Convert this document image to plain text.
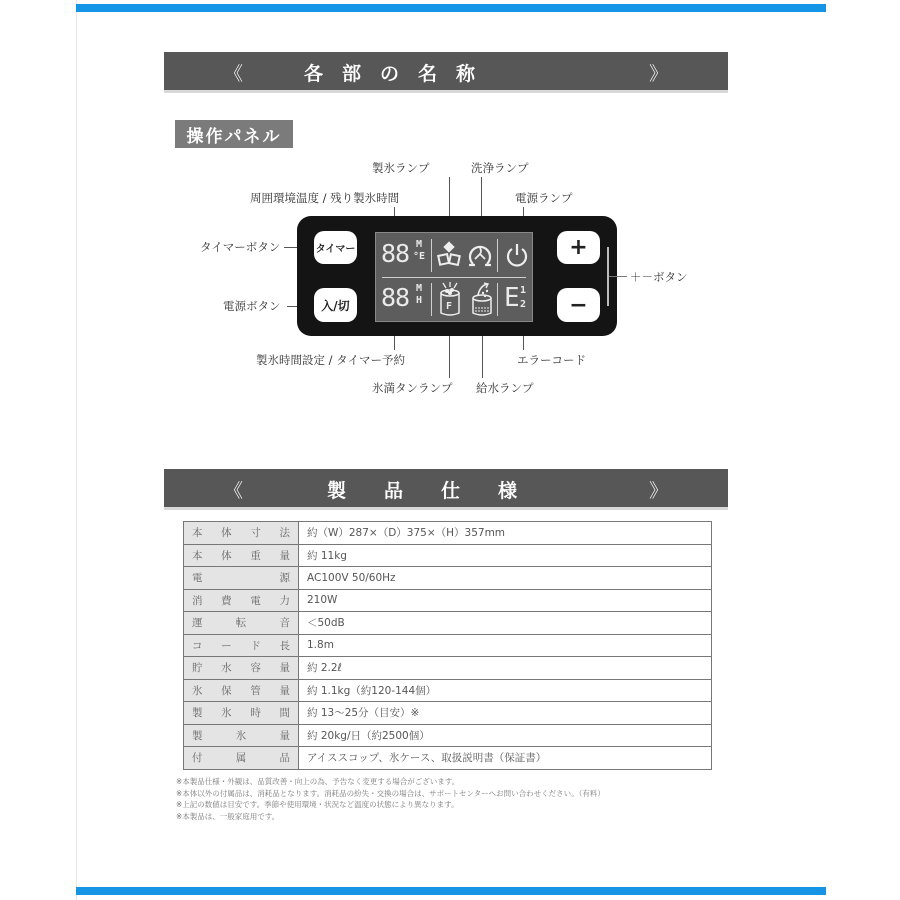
《	各　部　の　名　称	》
操作パネル
製氷ランプ	洗浄ランプ
周囲環境温度 / 残り製氷時間	電源ランプ
タイマーボタン
電源ボタン
＋－ボタン
製氷時間設定 / タイマー予約	エラーコード
氷満タンランプ 給水ランプ
タイマー
入/切
+
−
88 M
°E
88 M
H
F E 1
2
《	製　　品　　仕　　様	》
本 体 寸 法	約（W）287×（D）375×（H）357mm

本 体 重 量	約 11kg

電 源	AC100V 50/60Hz

消 費 電 力	210W

運 転 音	＜50dB

コ ー ド 長	1.8m

貯 水 容 量	約 2.2ℓ

氷 保 管 量	約 1.1kg（約120-144個）

製 氷 時 間	約 13～25分（目安）※

製 氷 量	約 20kg/日（約2500個）

付 属 品	アイススコップ、氷ケース、取扱説明書（保証書）
※本製品仕様・外観は、品質改善・向上の為、予告なく変更する場合がございます。
※本体以外の付属品は、消耗品となります。消耗品の紛失・交換の場合は、サポートセンターへお問い合わせください。（有料）
※上記の数値は目安です。季節や使用環境・状況など温度の状態により異なります。
※本製品は、一般家庭用です。
